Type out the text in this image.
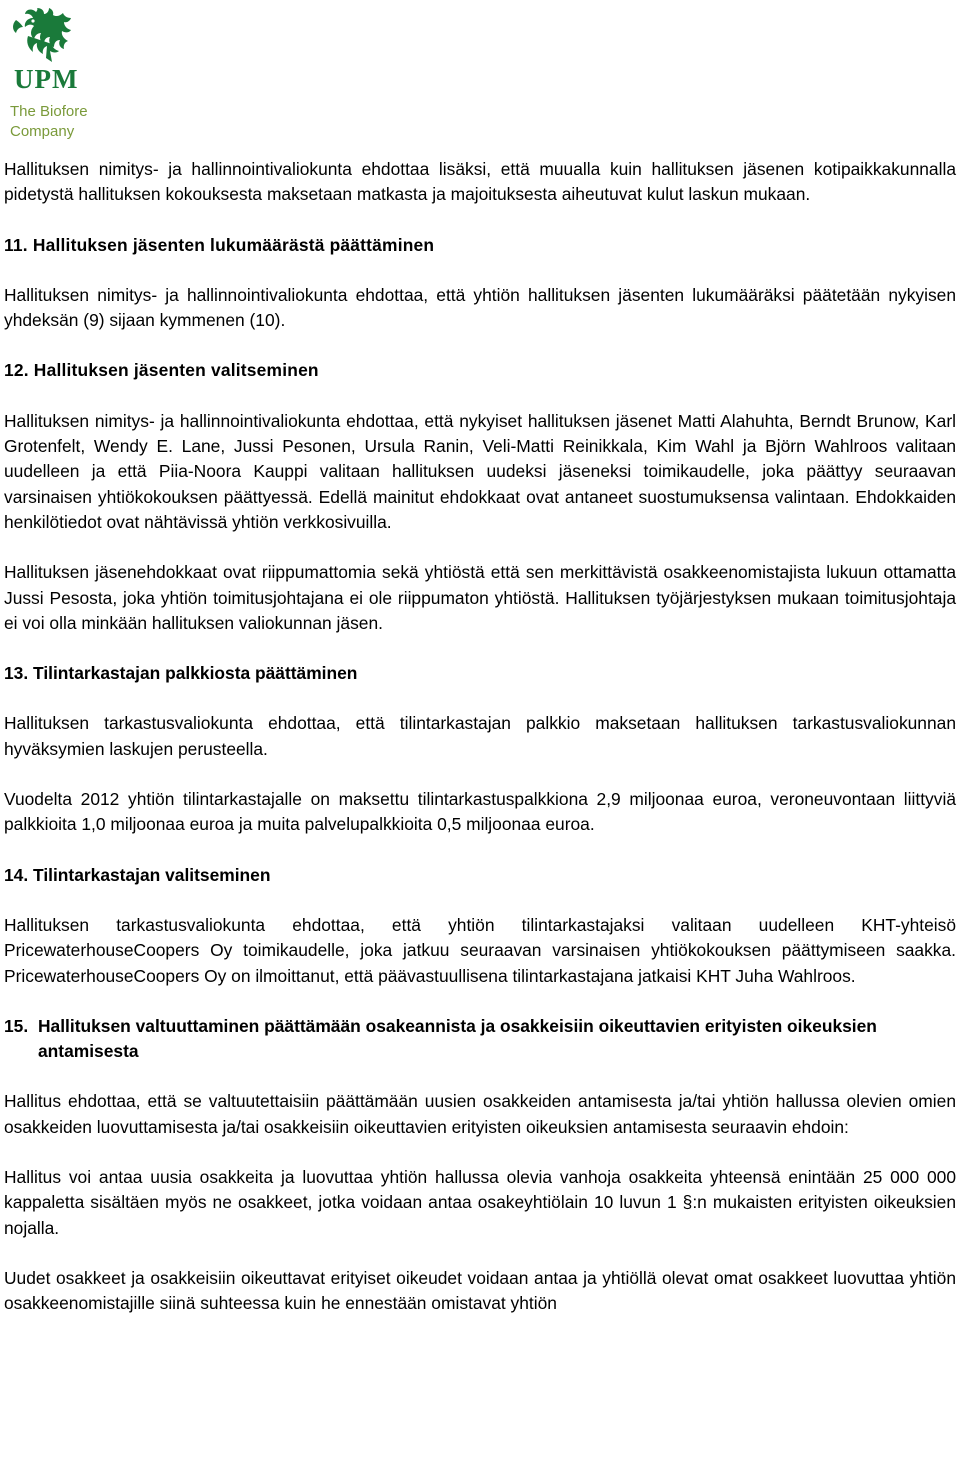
UPM
The Biofore
Company

Hallituksen nimitys- ja hallinnointivaliokunta ehdottaa lisäksi, että muualla kuin hallituksen jäsenen kotipaikkakunnalla pidetystä hallituksen kokouksesta maksetaan matkasta ja majoituksesta aiheutuvat kulut laskun mukaan.

11. Hallituksen jäsenten lukumäärästä päättäminen

Hallituksen nimitys- ja hallinnointivaliokunta ehdottaa, että yhtiön hallituksen jäsenten lukumääräksi päätetään nykyisen yhdeksän (9) sijaan kymmenen (10).

12. Hallituksen jäsenten valitseminen

Hallituksen nimitys- ja hallinnointivaliokunta ehdottaa, että nykyiset hallituksen jäsenet Matti Alahuhta, Berndt Brunow, Karl Grotenfelt, Wendy E. Lane, Jussi Pesonen, Ursula Ranin, Veli-Matti Reinikkala, Kim Wahl ja Björn Wahlroos valitaan uudelleen ja että Piia-Noora Kauppi valitaan hallituksen uudeksi jäseneksi toimikaudelle, joka päättyy seuraavan varsinaisen yhtiökokouksen päättyessä. Edellä mainitut ehdokkaat ovat antaneet suostumuksensa valintaan. Ehdokkaiden henkilötiedot ovat nähtävissä yhtiön verkkosivuilla.

Hallituksen jäsenehdokkaat ovat riippumattomia sekä yhtiöstä että sen merkittävistä osakkeenomistajista lukuun ottamatta Jussi Pesosta, joka yhtiön toimitusjohtajana ei ole riippumaton yhtiöstä. Hallituksen työjärjestyksen mukaan toimitusjohtaja ei voi olla minkään hallituksen valiokunnan jäsen.

13. Tilintarkastajan palkkiosta päättäminen

Hallituksen tarkastusvaliokunta ehdottaa, että tilintarkastajan palkkio maksetaan hallituksen tarkastusvaliokunnan hyväksymien laskujen perusteella.

Vuodelta 2012 yhtiön tilintarkastajalle on maksettu tilintarkastuspalkkiona 2,9 miljoonaa euroa, veroneuvontaan liittyviä palkkioita 1,0 miljoonaa euroa ja muita palvelupalkkioita 0,5 miljoonaa euroa.

14. Tilintarkastajan valitseminen

Hallituksen tarkastusvaliokunta ehdottaa, että yhtiön tilintarkastajaksi valitaan uudelleen KHT-yhteisö PricewaterhouseCoopers Oy toimikaudelle, joka jatkuu seuraavan varsinaisen yhtiökokouksen päättymiseen saakka. PricewaterhouseCoopers Oy on ilmoittanut, että päävastuullisena tilintarkastajana jatkaisi KHT Juha Wahlroos.

15. Hallituksen valtuuttaminen päättämään osakeannista ja osakkeisiin oikeuttavien erityisten oikeuksien antamisesta

Hallitus ehdottaa, että se valtuutettaisiin päättämään uusien osakkeiden antamisesta ja/tai yhtiön hallussa olevien omien osakkeiden luovuttamisesta ja/tai osakkeisiin oikeuttavien erityisten oikeuksien antamisesta seuraavin ehdoin:

Hallitus voi antaa uusia osakkeita ja luovuttaa yhtiön hallussa olevia vanhoja osakkeita yhteensä enintään 25 000 000 kappaletta sisältäen myös ne osakkeet, jotka voidaan antaa osakeyhtiölain 10 luvun 1 §:n mukaisten erityisten oikeuksien nojalla.

Uudet osakkeet ja osakkeisiin oikeuttavat erityiset oikeudet voidaan antaa ja yhtiöllä olevat omat osakkeet luovuttaa yhtiön osakkeenomistajille siinä suhteessa kuin he ennestään omistavat yhtiön
